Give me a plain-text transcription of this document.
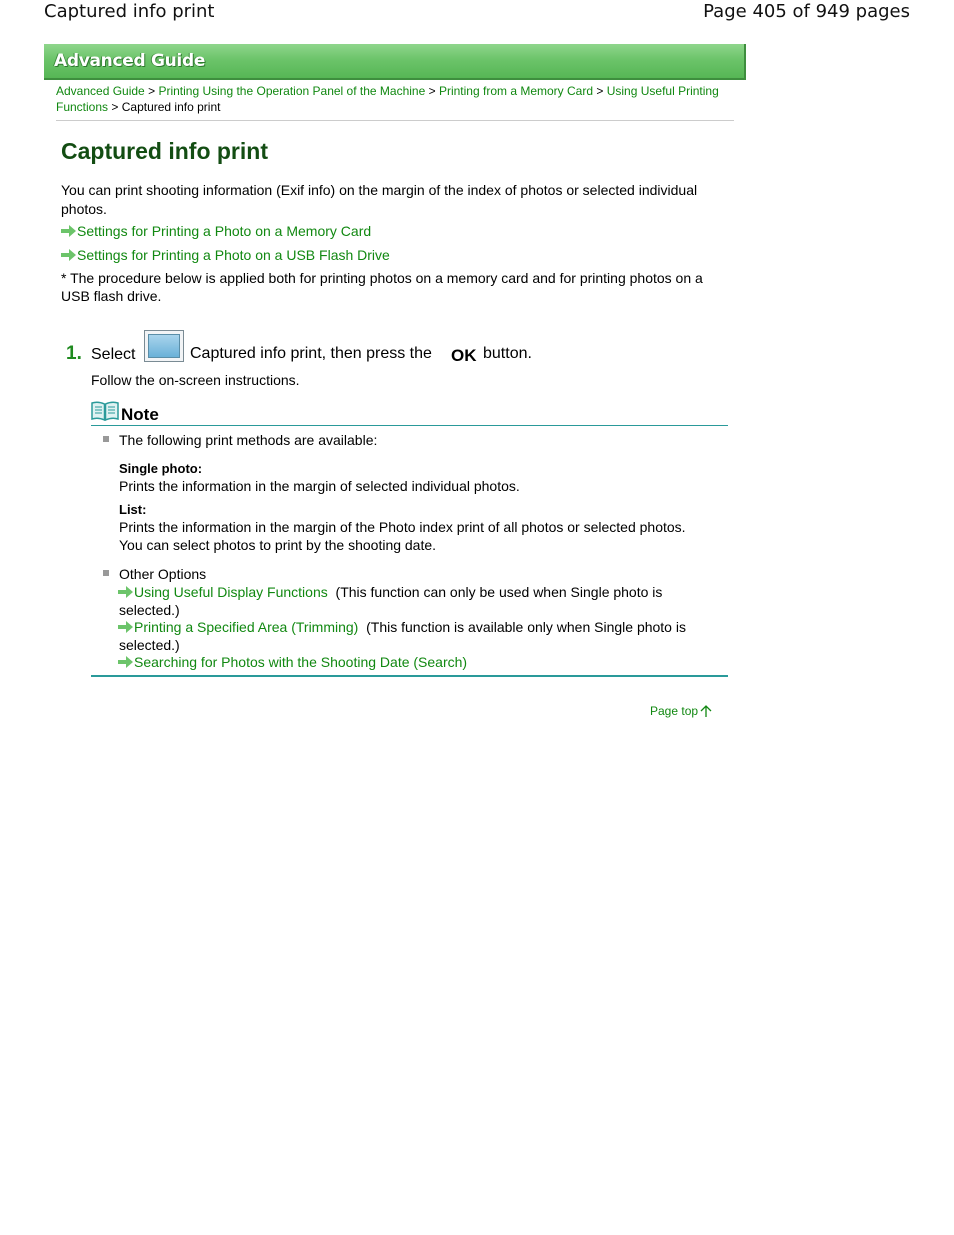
Captured info print	Page 405 of 949 pages
Advanced Guide
Advanced Guide > Printing Using the Operation Panel of the Machine > Printing from a Memory Card > Using Useful Printing Functions > Captured info print
Captured info print

You can print shooting information (Exif info) on the margin of the index of photos or selected individual photos.

Settings for Printing a Photo on a Memory Card
Settings for Printing a Photo on a USB Flash Drive

* The procedure below is applied both for printing photos on a memory card and for printing photos on a USB flash drive.

1. Select	Captured info print, then press the OK button.

Follow the on-screen instructions.

Note
The following print methods are available:
Single photo:
Prints the information in the margin of selected individual photos.
List:
Prints the information in the margin of the Photo index print of all photos or selected photos.
You can select photos to print by the shooting date.
Other Options
Using Useful Display Functions (This function can only be used when Single photo is
selected.)
Printing a Specified Area (Trimming) (This function is available only when Single photo is
selected.)
Searching for Photos with the Shooting Date (Search)
Page top
